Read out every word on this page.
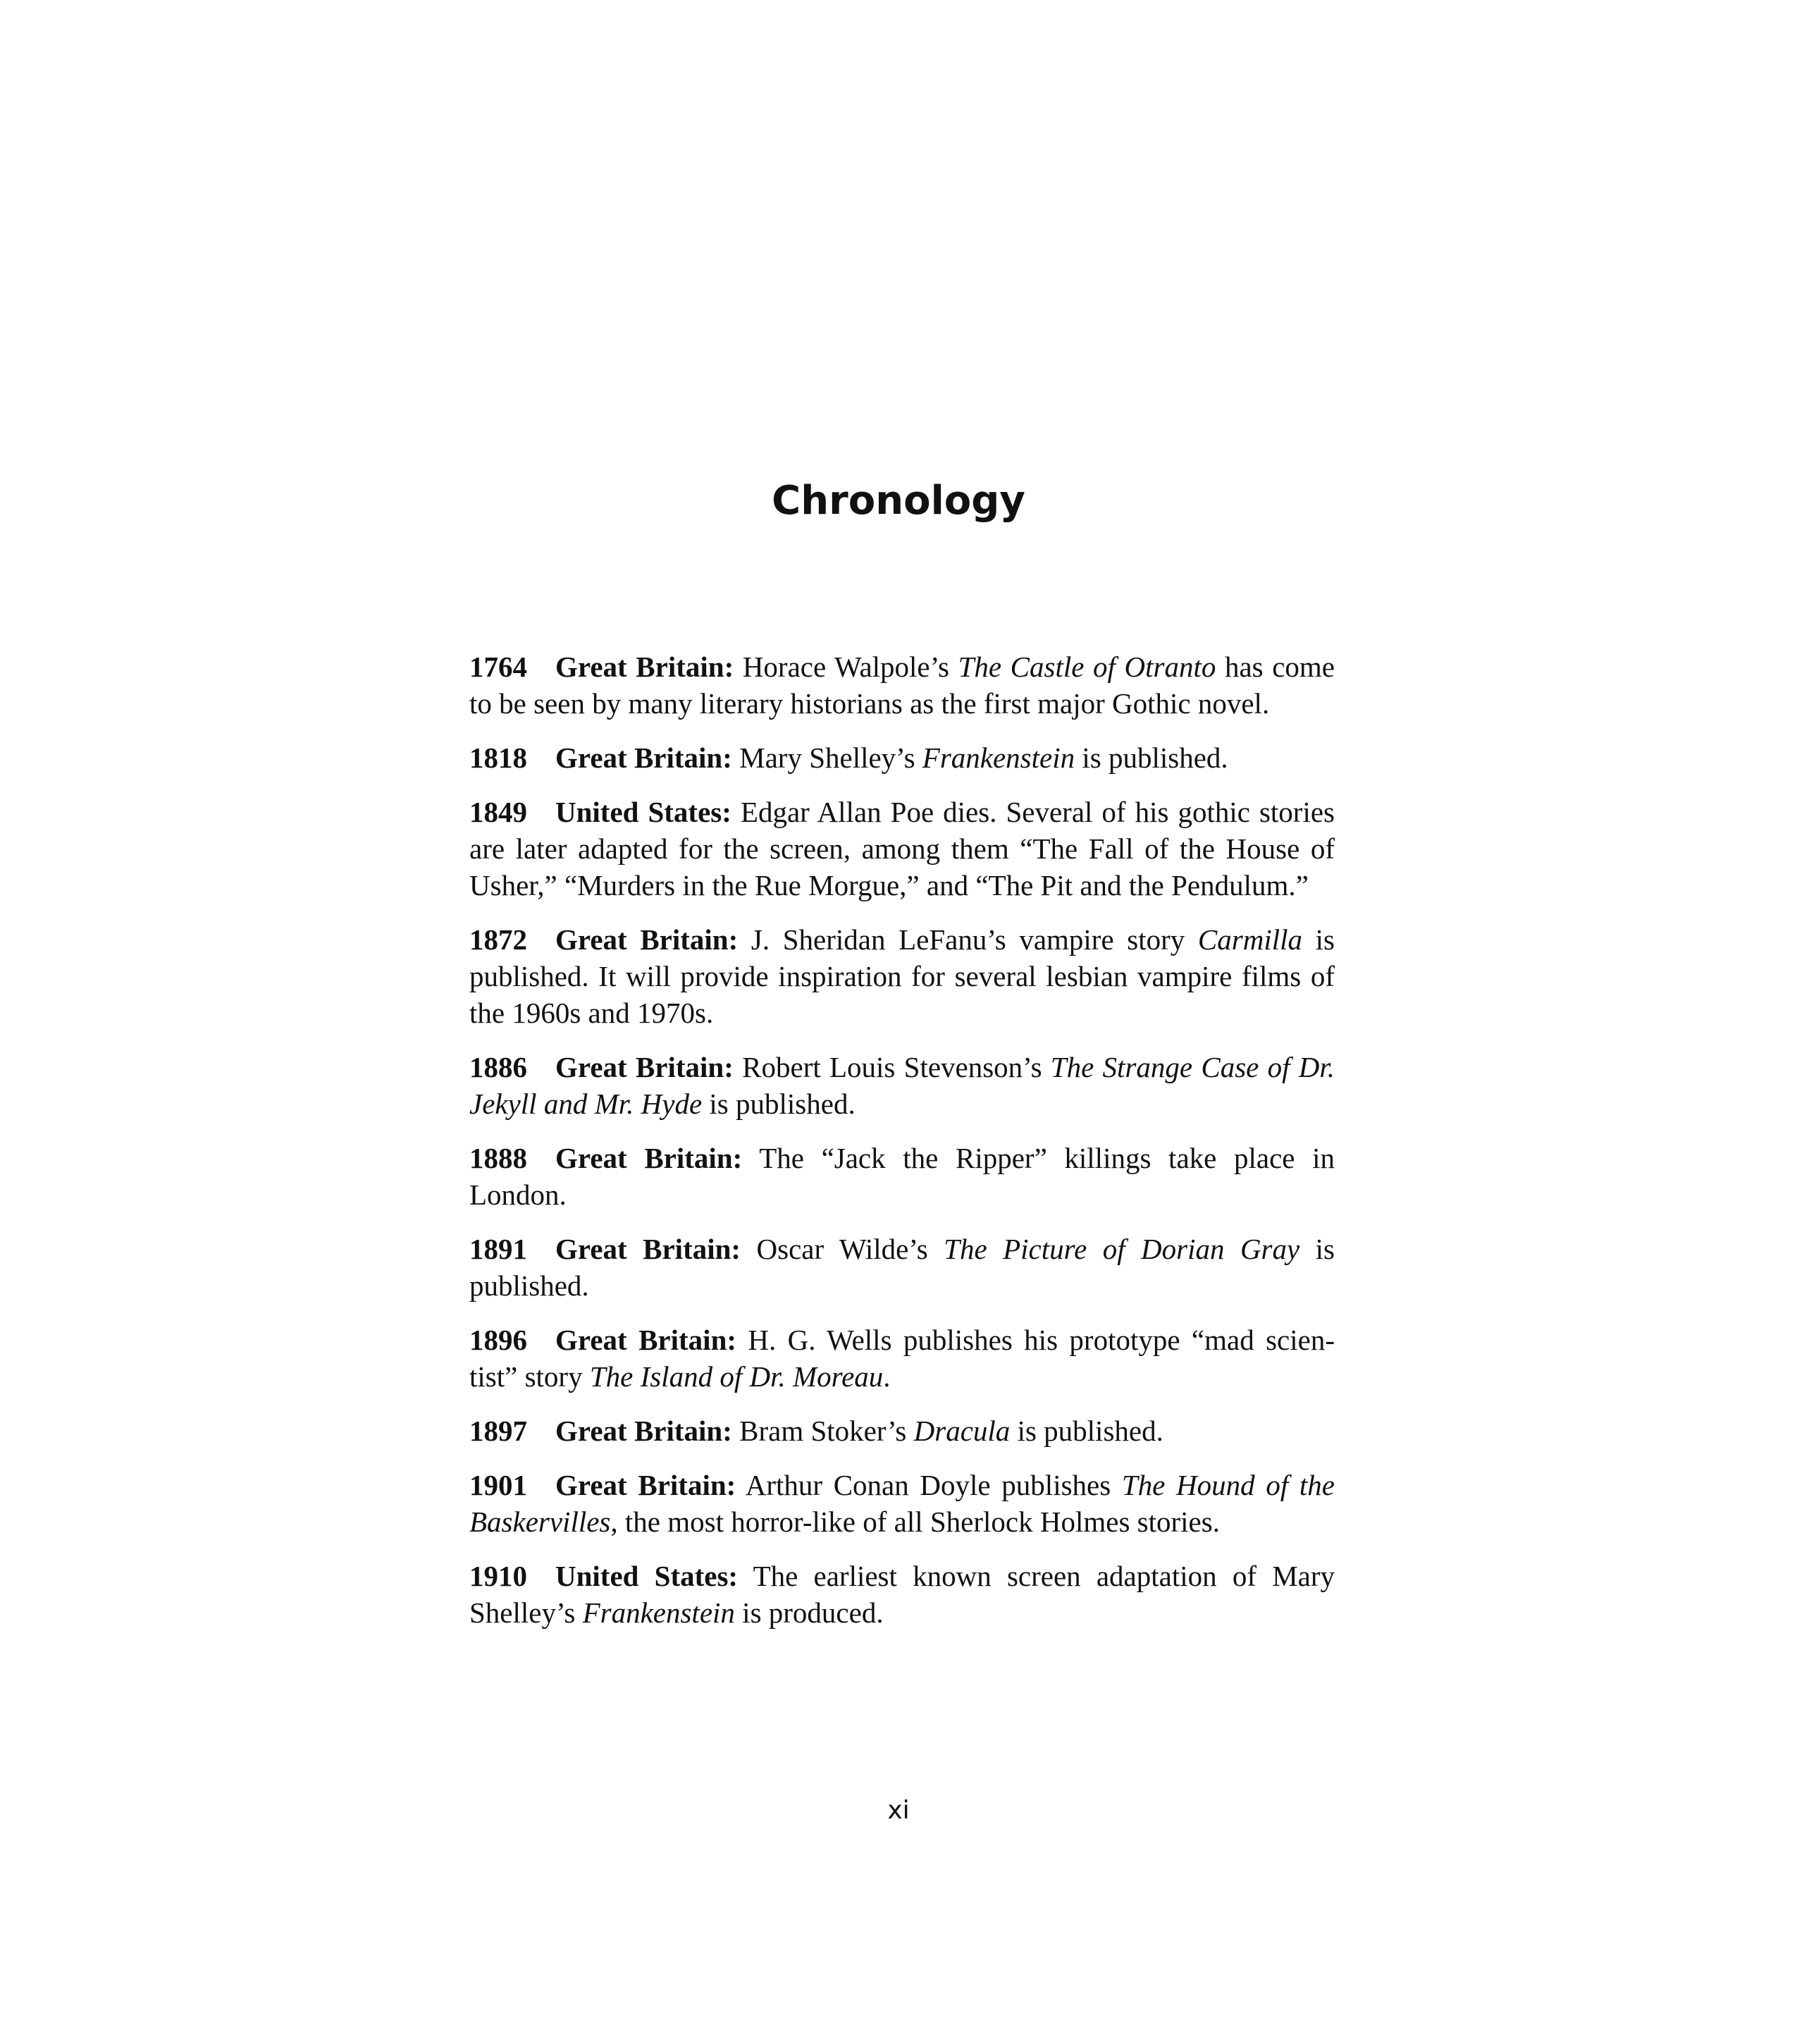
Chronology

1764 Great Britain: Horace Walpole’s The Castle of Otranto has come to be seen by many literary historians as the first major Gothic novel.

1818 Great Britain: Mary Shelley’s Frankenstein is published.

1849 United States: Edgar Allan Poe dies. Several of his gothic stories are later adapted for the screen, among them “The Fall of the House of Usher,” “Murders in the Rue Morgue,” and “The Pit and the Pendulum.”

1872 Great Britain: J. Sheridan LeFanu’s vampire story Carmilla is published. It will provide inspiration for several lesbian vampire films of the 1960s and 1970s.

1886 Great Britain: Robert Louis Stevenson’s The Strange Case of Dr. Jekyll and Mr. Hyde is published.

1888 Great Britain: The “Jack the Ripper” killings take place in London.

1891 Great Britain: Oscar Wilde’s The Picture of Dorian Gray is published.

1896 Great Britain: H. G. Wells publishes his prototype “mad scien-tist” story The Island of Dr. Moreau.

1897 Great Britain: Bram Stoker’s Dracula is published.

1901 Great Britain: Arthur Conan Doyle publishes The Hound of the Baskervilles, the most horror-like of all Sherlock Holmes stories.

1910 United States: The earliest known screen adaptation of Mary Shelley’s Frankenstein is produced.

xi
